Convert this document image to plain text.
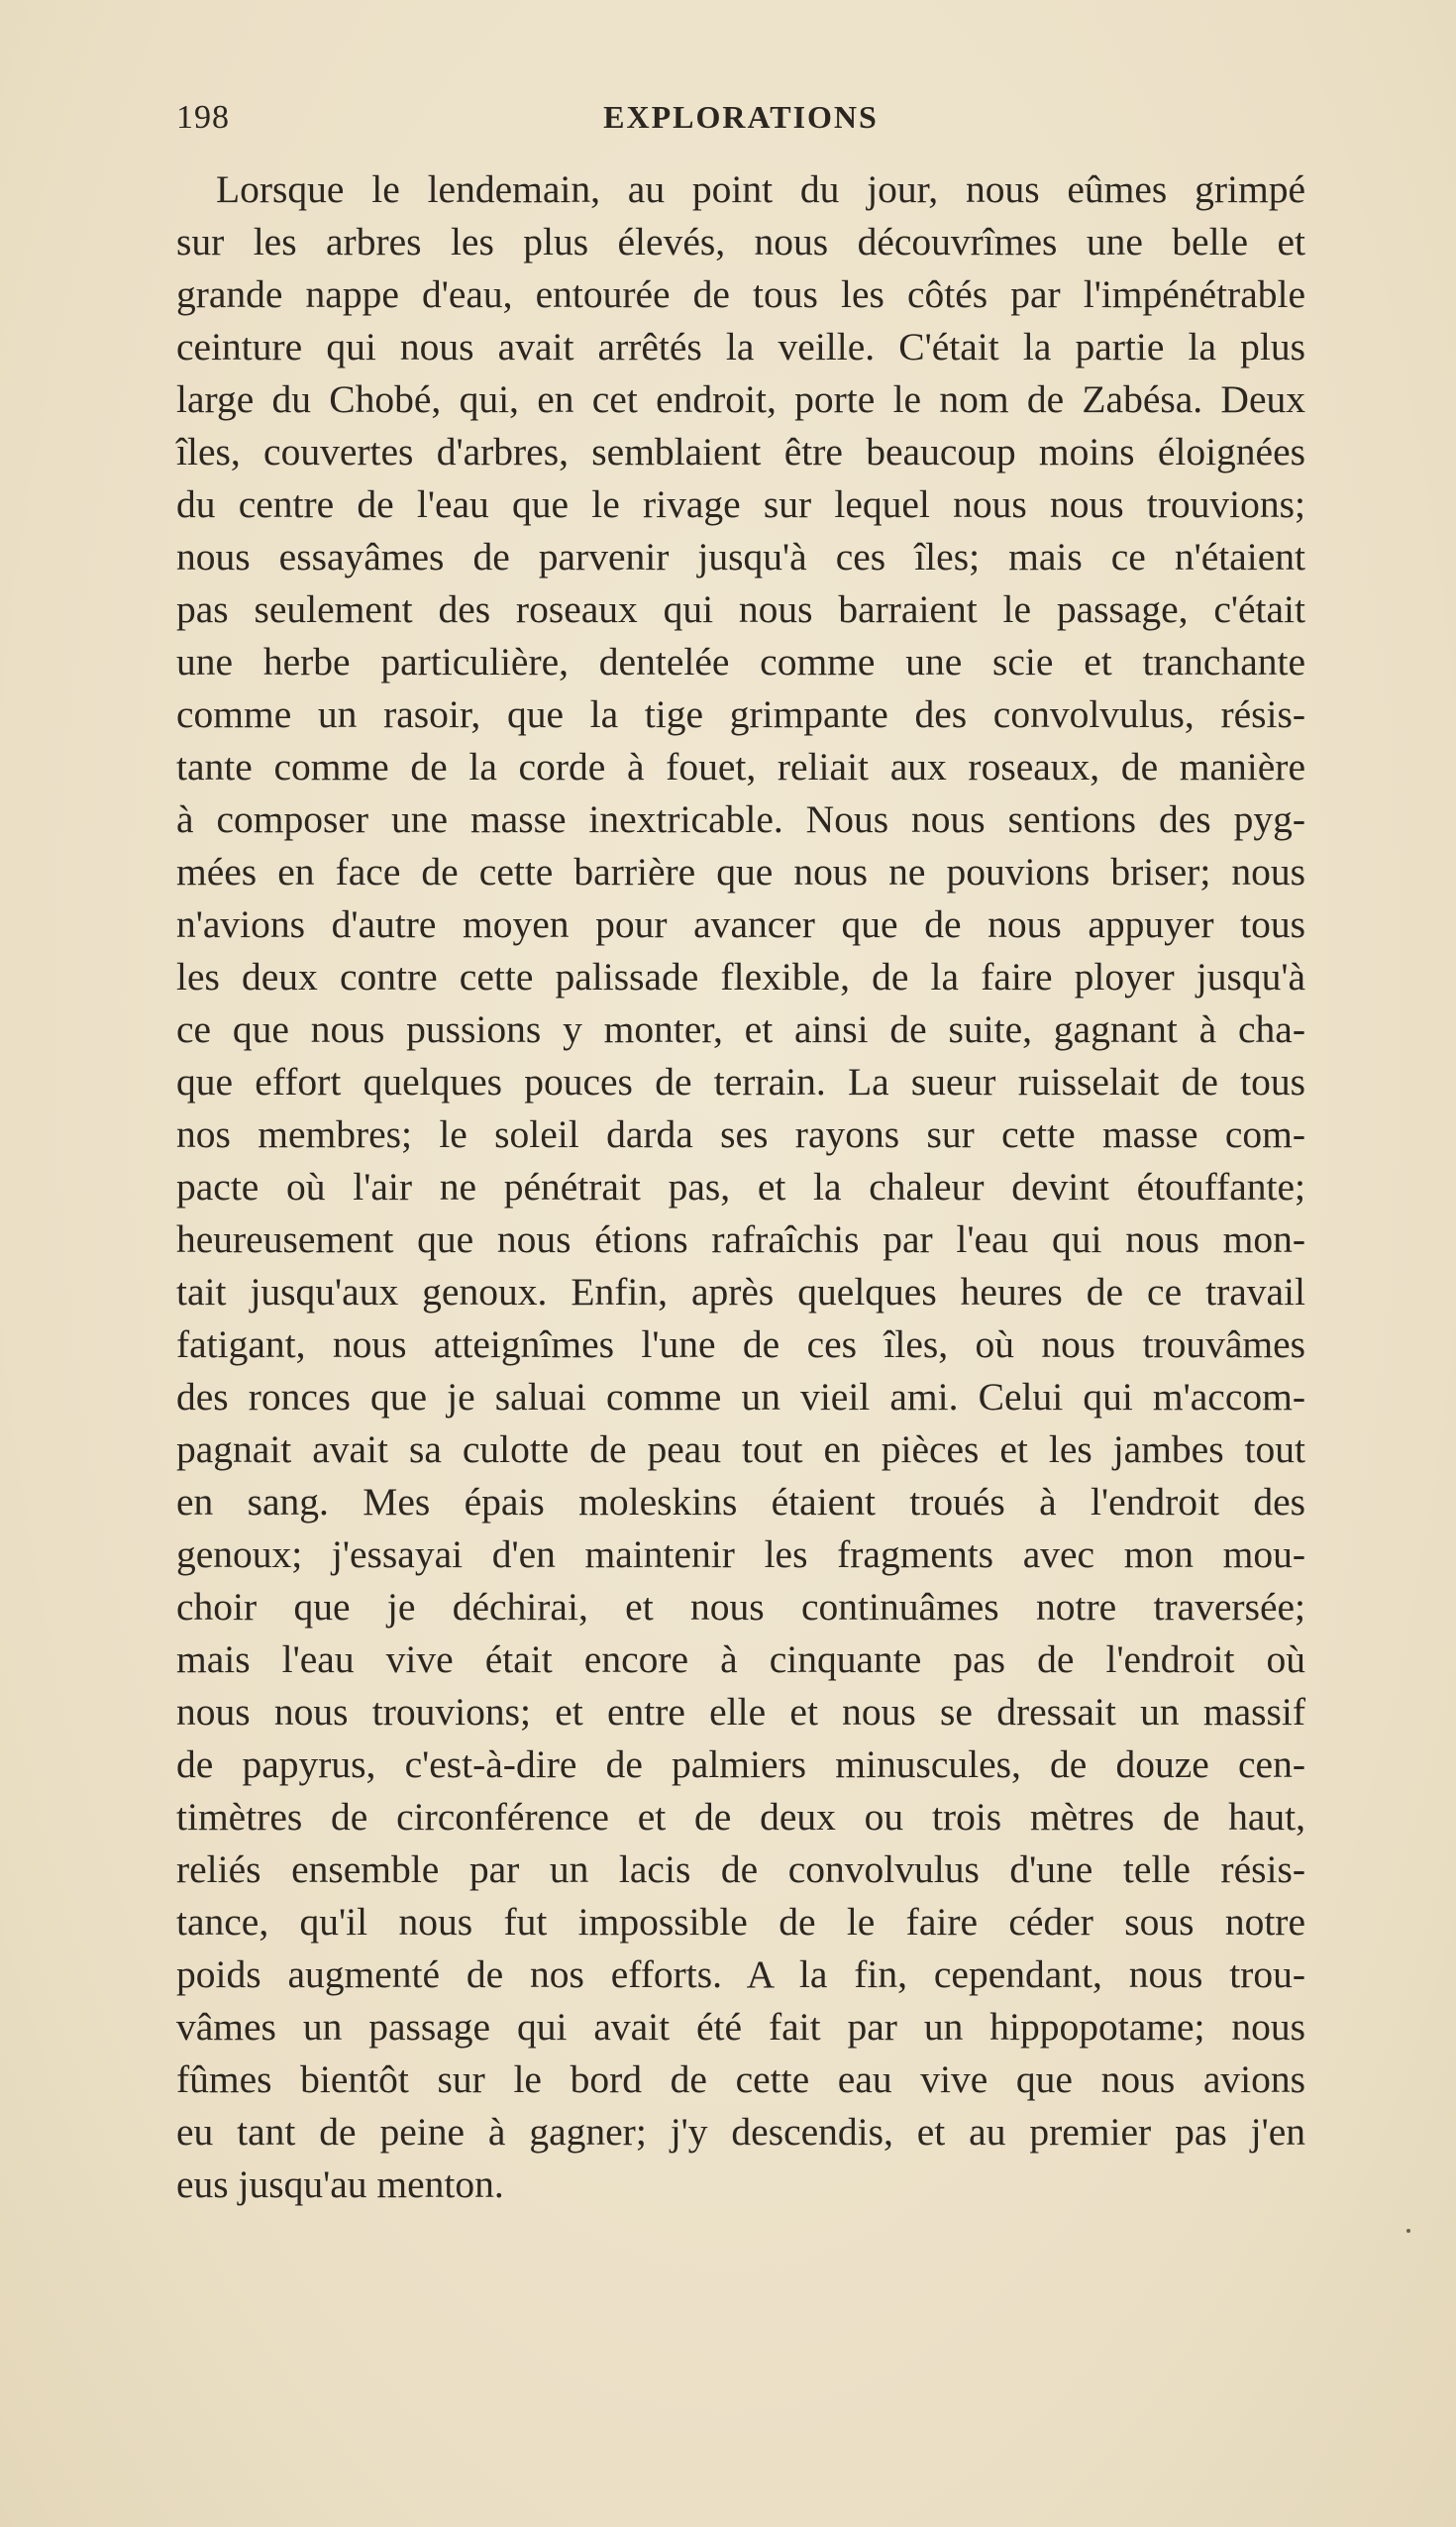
198	EXPLORATIONS
Lorsque le lendemain, au point du jour, nous eûmes grimpé
sur les arbres les plus élevés, nous découvrîmes une belle et
grande nappe d'eau, entourée de tous les côtés par l'impénétrable
ceinture qui nous avait arrêtés la veille. C'était la partie la plus
large du Chobé, qui, en cet endroit, porte le nom de Zabésa. Deux
îles, couvertes d'arbres, semblaient être beaucoup moins éloignées
du centre de l'eau que le rivage sur lequel nous nous trouvions;
nous essayâmes de parvenir jusqu'à ces îles; mais ce n'étaient
pas seulement des roseaux qui nous barraient le passage, c'était
une herbe particulière, dentelée comme une scie et tranchante
comme un rasoir, que la tige grimpante des convolvulus, résis-
tante comme de la corde à fouet, reliait aux roseaux, de manière
à composer une masse inextricable. Nous nous sentions des pyg-
mées en face de cette barrière que nous ne pouvions briser; nous
n'avions d'autre moyen pour avancer que de nous appuyer tous
les deux contre cette palissade flexible, de la faire ployer jusqu'à
ce que nous pussions y monter, et ainsi de suite, gagnant à cha-
que effort quelques pouces de terrain. La sueur ruisselait de tous
nos membres; le soleil darda ses rayons sur cette masse com-
pacte où l'air ne pénétrait pas, et la chaleur devint étouffante;
heureusement que nous étions rafraîchis par l'eau qui nous mon-
tait jusqu'aux genoux. Enfin, après quelques heures de ce travail
fatigant, nous atteignîmes l'une de ces îles, où nous trouvâmes
des ronces que je saluai comme un vieil ami. Celui qui m'accom-
pagnait avait sa culotte de peau tout en pièces et les jambes tout
en sang. Mes épais moleskins étaient troués à l'endroit des
genoux; j'essayai d'en maintenir les fragments avec mon mou-
choir que je déchirai, et nous continuâmes notre traversée;
mais l'eau vive était encore à cinquante pas de l'endroit où
nous nous trouvions; et entre elle et nous se dressait un massif
de papyrus, c'est-à-dire de palmiers minuscules, de douze cen-
timètres de circonférence et de deux ou trois mètres de haut,
reliés ensemble par un lacis de convolvulus d'une telle résis-
tance, qu'il nous fut impossible de le faire céder sous notre
poids augmenté de nos efforts. A la fin, cependant, nous trou-
vâmes un passage qui avait été fait par un hippopotame; nous
fûmes bientôt sur le bord de cette eau vive que nous avions
eu tant de peine à gagner; j'y descendis, et au premier pas j'en
eus jusqu'au menton.
